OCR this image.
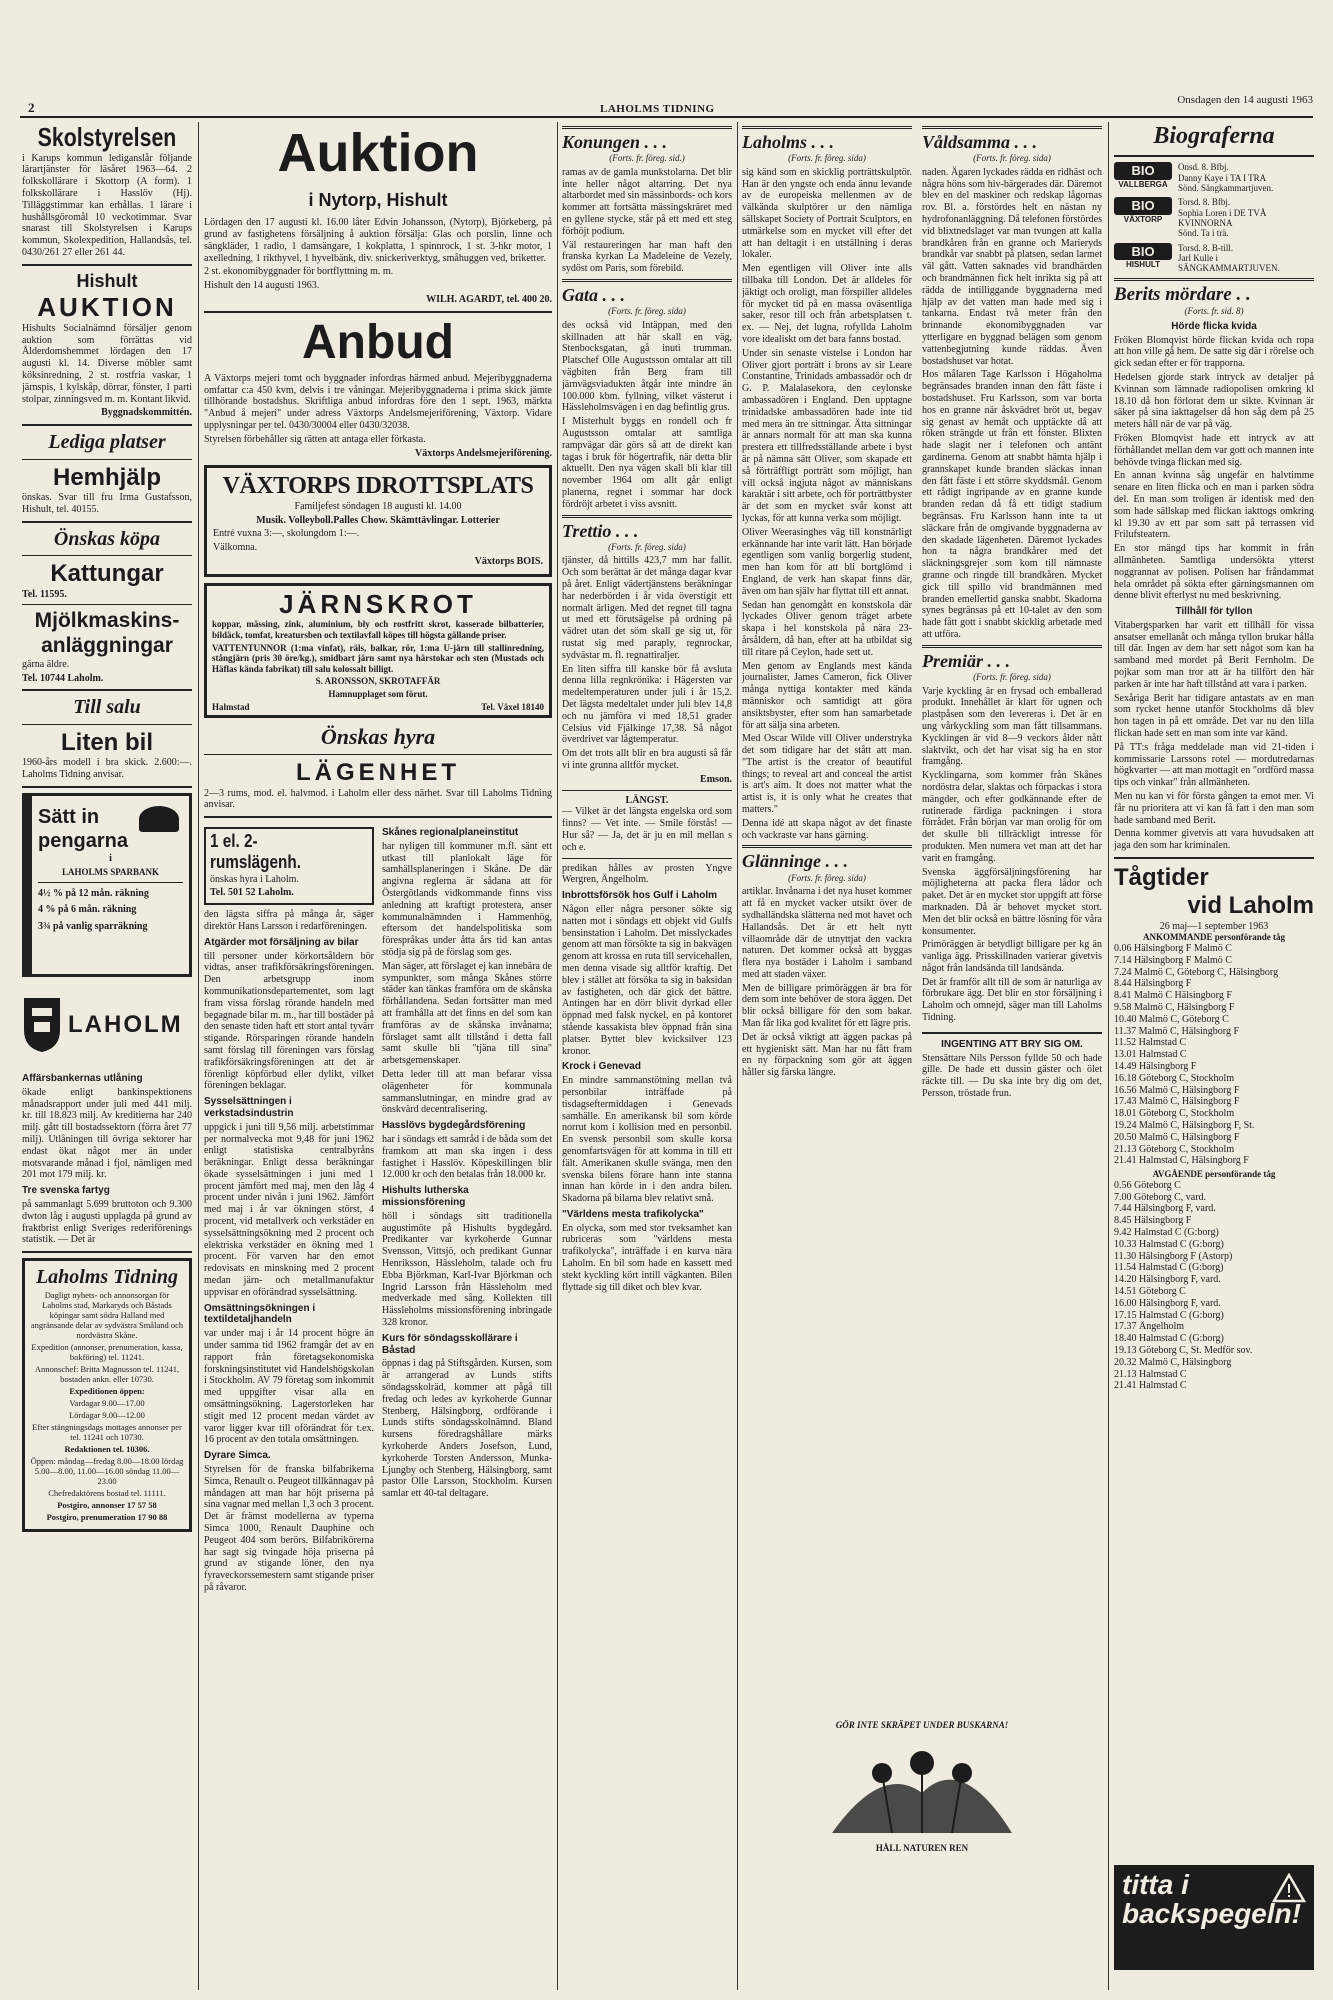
2	LAHOLMS TIDNING
Onsdagen den 14 augusti 1963
Skolstyrelsen

i Karups kommun lediganslår följande lärartjänster för läsåret 1963—64. 2 folkskollärare i Skottorp (A form). 1 folkskollärare i Hasslöv (Hj). Tilläggstimmar kan erhållas. 1 lärare i hushållsgöromål 10 veckotimmar. Svar snarast till Skolstyrelsen i Karups kommun, Skolexpedition, Hallandsås, tel. 0430/261 27 eller 261 44.

Hishult
AUKTION

Hishults Socialnämnd försäljer genom auktion som förrättas vid Ålderdomshemmet lördagen den 17 augusti kl. 14. Diverse möbler samt köksinredning, 2 st. rostfria vaskar, 1 järnspis, 1 kylskåp, dörrar, fönster, 1 parti stolpar, zinningsved m. m. Kontant likvid.

Byggnadskommittén.

Lediga platser
Hemhjälp

önskas. Svar till fru Irma Gustafsson, Hishult, tel. 40155.

Önskas köpa
Kattungar

Tel. 11595.

Mjölkmaskins-
anläggningar

gärna äldre.

Tel. 10744 Laholm.

Till salu
Liten bil

1960-års modell i bra skick. 2.600:—. Laholms Tidning anvisar.

Sätt in
pengarna
i
LAHOLMS SPARBANK
4½ % på 12 mån. räkning
4 % på 6 mån. räkning
3¾ på vanlig sparräkning
LAHOLM
Affärsbankernas utlåning

ökade enligt bankinspektionens månadsrapport under juli med 441 milj. kr. till 18.823 milj. Av kreditierna har 240 milj. gått till bostadssektorn (förra året 77 milj). Utlåningen till övriga sektorer har endast ökat något mer än under motsvarande månad i fjol, nämligen med 201 mot 179 milj. kr.

Tre svenska fartyg

på sammanlagt 5.699 bruttoton och 9.300 dwton låg i augusti upplagda på grund av fraktbrist enligt Sveriges rederiförenings statistik. — Det är

Laholms Tidning

Dagligt nyhets- och annonsorgan för Laholms stad, Markaryds och Båstads köpingar samt södra Halland med angränsande delar av sydvästra Småland och nordvästra Skåne.

Expedition (annonser, prenumeration, kassa, bokföring) tel. 11241.

Annonschef: Britta Magnusson tel. 11241, bostaden ankn. eller 10730.

Expeditionen öppen:

Vardagar 9.00—17.00

Lördagar 9.00—12.00

Efter stängningsdags mottages annonser per tel. 11241 och 10730.

Redaktionen tel. 10306.

Öppen: måndag—fredag 8.00—18.00 lördag 5.00—8.00, 11.00—16.00 söndag 11.00—23.00

Chefredaktörens bostad tel. 11111.

Postgiro, annonser 17 57 58

Postgiro, prenumeration 17 90 88

Auktion
i Nytorp, Hishult

Lördagen den 17 augusti kl. 16.00 låter Edvin Johansson, (Nytorp), Björkeberg, på grund av fastighetens försäljning å auktion försälja: Glas och porslin, linne och sängkläder, 1 radio, 1 damsängare, 1 kokplatta, 1 spinnrock, 1 st. 3-hkr motor, 1 axelledning, 1 rikthyvel, 1 hyvelbänk, div. snickeriverktyg, småhuggen ved, briketter.

2 st. ekonomibyggnader för bortflyttning m. m.

Hishult den 14 augusti 1963.

WILH. AGARDT, tel. 400 20.

Anbud

A Växtorps mejeri tomt och byggnader infordras härmed anbud. Mejeribyggnaderna omfattar c:a 450 kvm, delvis i tre våningar. Mejeribyggnaderna i prima skick jämte tillhörande bostadshus. Skriftliga anbud infordras före den 1 sept. 1963, märkta "Anbud å mejeri" under adress Växtorps Andelsmejeriförening, Växtorp. Vidare upplysningar per tel. 0430/30004 eller 0430/32038.

Styrelsen förbehåller sig rätten att antaga eller förkasta.

Växtorps Andelsmejeriförening.

VÄXTORPS IDROTTSPLATS

Familjefest söndagen 18 augusti kl. 14.00

Musik. Volleyboll.Palles Chow. Skämttävlingar. Lotterier

Entré vuxna 3:—, skolungdom 1:—.

Välkomna.

Växtorps BOIS.

JÄRNSKROT

koppar, mässing, zink, aluminium, bly och rostfritt skrot, kasserade bilbatterier, bildäck, tomfat, kreatursben och textilavfall köpes till högsta gällande priser.

VATTENTUNNOR (1:ma vinfat), räls, balkar, rör, 1:ma U-järn till stallinredning, stångjärn (pris 30 öre/kg.), smidbart järn samt nya härstokar och sten (Mustads och Häflas kända fabrikat) till salu kolossalt billigt.

S. ARONSSON, SKROTAFFÄR

Hamnupplaget som förut.

Halmstad	Tel. Växel 18140
Önskas hyra
LÄGENHET

2—3 rums, mod. el. halvmod. i Laholm eller dess närhet. Svar till Laholms Tidning anvisar.

1 el. 2-rumslägenh.

önskas hyra i Laholm.

Tel. 501 52 Laholm.

den lägsta siffra på många år, säger direktör Hans Larsson i redarföreningen.

Atgärder mot försäljning av bilar

till personer under körkortsåldern bör vidtas, anser trafikförsäkringsföreningen. Den arbetsgrupp inom kommunikationsdepartementet, som lagt fram vissa förslag rörande handeln med begagnade bilar m. m., har till bostäder på den senaste tiden haft ett stort antal tyvärr stigande. Rörsparingen rörande handeln samt förslag till föreningen vars förslag trafikförsäkringsföreningen att det är förenligt köpförbud eller dylikt, vilket föreningen beklagar.

Sysselsättningen i verkstadsindustrin

uppgick i juni till 9,56 milj. arbetstimmar per normalvecka mot 9,48 för juni 1962 enligt statistiska centralbyråns beräkningar. Enligt dessa beräkningar ökade sysselsättningen i juni med 1 procent jämfört med maj, men den låg 4 procent under nivån i juni 1962. Jämfört med maj i år var ökningen störst, 4 procent, vid metallverk och verkstäder en sysselsättningsökning med 2 procent och elektriska verkstäder en ökning med 1 procent. För varven har den emot redovisats en minskning med 2 procent medan järn- och metallmanufaktur uppvisar en oförändrad sysselsättning.

Omsättningsökningen i textildetaljhandeln

var under maj i år 14 procent högre än under samma tid 1962 framgår det av en rapport från företagsekonomiska forskningsinstitutet vid Handelshögskolan i Stockholm. AV 79 företag som inkommit med uppgifter visar alla en omsättningsökning. Lagerstorleken har stigit med 12 procent medan värdet av varor ligger kvar till oförändrat för t.ex. 16 procent av den totala omsättningen.

Dyrare Simca.

Styrelsen för de franska bilfabrikerna Simca, Renault o. Peugeot tillkännagav på måndagen att man har höjt priserna på sina vagnar med mellan 1,3 och 3 procent. Det är främst modellerna av typerna Simca 1000, Renault Dauphine och Peugeot 404 som berörs. Bilfabrikörerna har sagt sig tvingade höja priserna på grund av stigande löner, den nya fyraveckorssemestern samt stigande priser på råvaror.

Skånes regionalplaneinstitut

har nyligen till kommuner m.fl. sänt ett utkast till planlokalt läge för samhällsplaneringen i Skåne. De där angivna reglerna är sådana att för Östergötlands vidkommande finns viss anledning att kraftigt protestera, anser kommunalnämnden i Hammenhög, eftersom det handelspolitiska som förespråkas under åtta års tid kan antas stödja sig på de förslag som ges.

Man säger, att förslaget ej kan innebära de sympunkter, som många Skånes större städer kan tänkas framföra om de skånska förhållandena. Sedan fortsätter man med att framhålla att det finns en del som kan framföras av de skånska invånarna; förslaget samt allt tillstånd i detta fall samt skulle bli "tjäna till sina" arbetsgemenskaper.

Detta leder till att man befarar vissa olägenheter för kommunala sammanslutningar, en mindre grad av önskvärd decentralisering.

Hasslövs bygdegårdsförening

har i söndags ett samråd i de båda som det framkom att man ska ingen i dess fastighet i Hasslöv. Köpeskillingen blir 12.000 kr och den betalas från 18.000 kr.

Hishults lutherska missionsförening

höll i söndags sitt traditionella augustimöte på Hishults bygdegård. Predikanter var kyrkoherde Gunnar Svensson, Vittsjö, och predikant Gunnar Henriksson, Hässleholm, talade och fru Ebba Björkman, Karl-Ivar Björkman och Ingrid Larsson från Hässleholm med medverkade med sång. Kollekten till Hässleholms missionsförening inbringade 328 kronor.

Kurs för söndagsskollärare i Båstad

öppnas i dag på Stiftsgården. Kursen, som är arrangerad av Lunds stifts söndagsskolräd, kommer att pågå till fredag och ledes av kyrkoherde Gunnar Stenberg, Hälsingborg, ordförande i Lunds stifts söndagsskolnämnd. Bland kursens föredragshållare märks kyrkoherde Anders Josefson, Lund, kyrkoherde Torsten Andersson, Munka-Ljungby och Stenberg, Hälsingborg, samt pastor Olle Larsson, Stockholm. Kursen samlar ett 40-tal deltagare.

Konungen . . .
(Forts. fr. föreg. sid.)

ramas av de gamla munkstolarna. Det blir inte heller något altarring. Det nya altarbordet med sin mässinbords- och kors kommer att fortsätta mässingskräret med en gyllene stycke, står på ett med ett steg förhöjt podium.

Väl restaureringen har man haft den franska kyrkan La Madeleine de Vezely, sydöst om Paris, som förebild.

Gata . . .
(Forts. fr. föreg. sida)

des också vid Intäppan, med den skillnaden att här skall en väg, Stenbocksgatan, gå inuti trumman. Platschef Olle Augustsson omtalar att till vägbiten från Berg fram till järnvägsviadukten åtgår inte mindre än 100.000 kbm. fyllning, vilket västerut i Hässleholmsvägen i en dag befintlig grus.

I Misterhult byggs en rondell och fr Augustsson omtalar att samtliga rampvägar där görs så att de direkt kan tagas i bruk för högertrafik, när detta blir aktuellt. Den nya vägen skall bli klar till november 1964 om allt går enligt planerna, regnet i sommar har dock fördröjt arbetet i viss avsnitt.

Trettio . . .
(Forts. fr. föreg. sida)

tjänster, då hittills 423,7 mm har fallit. Och som berättat är det många dagar kvar på året. Enligt vädertjänstens beräkningar har nederbörden i år vida överstigit ett normalt ärligen. Med det regnet till tagna ut med ett förutsägelse på ordning på vädret utan det söm skall ge sig ut, för rustat sig med paraply, regnrockar, sydvästar m. fl. regnattiraljer.

En liten siffra till kanske bör få avsluta denna lilla regnkrönika: i Hägersten var medeltemperaturen under juli i år 15,2. Det lägsta medeltalet under juli blev 14,8 och nu jämföra vi med 18,51 grader Celsius vid Fjälkinge 17,38. Så något överdrivet var lågtemperatur.

Om det trots allt blir en bra augusti så får vi inte grunna alltför mycket.

Emson.

LÄNGST.

— Vilket är det längsta engelska ord som finns? — Vet inte. — Smile förstås! — Hur så? — Ja, det är ju en mil mellan s och e.

predikan hålles av prosten Yngve Wergren, Ängelholm.

Inbrottsförsök hos Gulf i Laholm

Någon eller några personer sökte sig natten mot i söndags ett objekt vid Gulfs bensinstation i Laholm. Det misslyckades genom att man försökte ta sig in bakvägen genom att krossa en ruta till servicehallen, men denna visade sig alltför kraftig. Det blev i stället att försöka ta sig in baksidan av fastigheten, och där gick det bättre. Antingen har en dörr blivit dyrkad eller öppnad med falsk nyckel, en på kontoret stående kassakista blev öppnad från sina platser. Byttet blev kvicksilver 123 kronor.

Krock i Genevad

En mindre sammanstötning mellan två personbilar inträffade på tisdagseftermiddagen i Genevads samhälle. En amerikansk bil som körde norrut kom i kollision med en personbil. En svensk personbil som skulle korsa genomfartsvägen för att komma in till ett fält. Amerikanen skulle svänga, men den svenska bilens förare hann inte stanna innan han körde in i den andra bilen. Skadorna på bilarna blev relativt små.

"Världens mesta trafikolycka"

En olycka, som med stor tveksamhet kan rubriceras som "världens mesta trafikolycka", inträffade i en kurva nära Laholm. En bil som hade en kassett med stekt kyckling kört intill vägkanten. Bilen flyttade sig till diket och blev kvar.

Laholms . . .
(Forts. fr. föreg. sida)

sig känd som en skicklig porträttskulptör. Han är den yngste och enda ännu levande av de europeiska mellenmen av de välkända skulptörer ur den nämliga sällskapet Society of Portrait Sculptors, en utmärkelse som en mycket vill efter det att han deltagit i en utställning i deras lokaler.

Men egentligen vill Oliver inte alls tillbaka till London. Det är alldeles för jäktigt och oroligt, man förspiller alldeles för mycket tid på en massa oväsentliga saker, resor till och från arbetsplatsen t. ex. — Nej, det lugna, rofyllda Laholm vore idealiskt om det bara fanns bostad.

Under sin senaste vistelse i London har Oliver gjort porträtt i brons av sir Leare Constantine, Trinidads ambassadör och dr G. P. Malalasekora, den ceylonske ambassadören i England. Den upptagne trinidadske ambassadören hade inte tid med mera än tre sittningar. Ätta sittningar är annars normalt för att man ska kunna prestera ett tillfredsställande arbete i byst är på nämna sätt Oliver, som skapade ett så förträffligt porträtt som möjligt, han vill också ingjuta något av människans karaktär i sitt arbete, och för porträttbyster är det som en mycket svår konst att lyckas, för att kunna verka som möjligt.

Oliver Weerasinghes väg till konstnärligt erkännande har inte varit lätt. Han började egentligen som vanlig borgerlig student, men han kom för att bli bortglömd i England, de verk han skapat finns där, även om han själv har flyttat till ett annat.

Sedan han genomgått en konstskola där lyckades Oliver genom träget arbete skapa i hel konstskola på nära 23-årsåldern, då han, efter att ha utbildat sig till ritare på Ceylon, hade sett ut.

Men genom av Englands mest kända journalister, James Cameron, fick Oliver många nyttiga kontakter med kända människor och samtidigt att göra ansiktsbyster, efter som han samarbetade för att sälja sina arbeten.

Med Oscar Wilde vill Oliver understryka det som tidigare har det stått att man. "The artist is the creator of beautiful things; to reveal art and conceal the artist is art's aim. It does not matter what the artist is, it is only what he creates that matters."

Denna idé att skapa något av det finaste och vackraste var hans gärning.

Glänninge . . .
(Forts. fr. föreg. sida)

artiklar. Invånarna i det nya huset kommer att få en mycket vacker utsikt över de sydhalländska slätterna ned mot havet och Hallandsås. Det är ett helt nytt villaområde där de utnyttjat den vackra naturen. Det kommer också att byggas flera nya bostäder i Laholm i samband med att staden växer.

Men de billigare primöräggen är bra för dem som inte behöver de stora äggen. Det blir också billigare för den som bakar. Man får lika god kvalitet för ett lägre pris.

Det är också viktigt att äggen packas på ett hygieniskt sätt. Man har nu fått fram en ny förpackning som gör att äggen håller sig färska längre.

Våldsamma . . .
(Forts. fr. föreg. sida)

naden. Ägaren lyckades rädda en ridhäst och några höns som hiv-bärgerades där. Däremot blev en del maskiner och redskap lågornas rov. Bl. a. förstördes helt en nästan ny hydrofonanläggning. Då telefonen förstördes vid blixtnedslaget var man tvungen att kalla brandkåren från en granne och Marieryds brandkår var snabbt på platsen, sedan larmet väl gått. Vatten saknades vid brandhärden och brandmännen fick helt inrikta sig på att rädda de intilliggande byggnaderna med hjälp av det vatten man hade med sig i tankarna. Endast två meter från den brinnande ekonomibyggnaden var ytterligare en byggnad belägen som genom vattenbegjutning kunde räddas. Även bostadshuset var hotat.

Hos målaren Tage Karlsson i Högaholma begränsades branden innan den fått fäste i bostadshuset. Fru Karlsson, som var borta hos en granne när åskvädret bröt ut, begav sig genast av hemåt och upptäckte då att röken strängde ut från ett fönster. Blixten hade slagit ner i telefonen och antänt gardinerna. Genom att snabbt hämta hjälp i grannskapet kunde branden släckas innan den fått fäste i ett större skyddsmål. Genom ett rådigt ingripande av en granne kunde branden redan då få ett tidigt stadium begränsas. Fru Karlsson hann inte ta ut släckare från de omgivande byggnaderna av den skadade lägenheten. Däremot lyckades hon ta några brandkårer med det släckningsgrejer som kom till nämnaste granne och ringde till brandkåren. Mycket gick till spillo vid brandmännen med branden emellertid ganska snabbt. Skadorna synes begränsas på ett 10-talet av den som hade fått gott i snabbt skicklig arbetade med att utföra.

Premiär . . .
(Forts. fr. föreg. sida)

Varje kyckling är en frysad och emballerad produkt. Innehållet är klart för ugnen och plastpåsen som den levereras i. Det är en ung vårkyckling som man fått tillsammans. Kycklingen är vid 8—9 veckors ålder nått slaktvikt, och det har visat sig ha en stor framgång.

Kycklingarna, som kommer från Skånes nordöstra delar, slaktas och förpackas i stora mängder, och efter godkännande efter de rutinerade färdiga packningen i stora förrådet. Från början var man orolig för om det skulle bli tillräckligt intresse för produkten. Men numera vet man att det har varit en framgång.

Svenska äggförsäljningsförening har möjligheterna att packa flera lådor och paket. Det är en mycket stor uppgift att förse marknaden. Då är behovet mycket stort. Men det blir också en bättre lösning för våra konsumenter.

Primöräggen är betydligt billigare per kg än vanliga ägg. Prisskillnaden varierar givetvis något från landsända till landsända.

Det är framför allt till de som är naturliga av förbrukare ägg. Det blir en stor försäljning i Laholm och omnejd, säger man till Laholms Tidning.

INGENTING ATT BRY SIG OM.

Stensättare Nils Persson fyllde 50 och hade gille. De hade ett dussin gäster och ölet räckte till. — Du ska inte bry dig om det, Persson, tröstade frun.

Biograferna
BIO
VALLBERGA
Onsd. 8. Bfbj.
Danny Kaye i TA I TRA
Sönd. Sängkammartjuven.
BIO
VÄXTORP
Torsd. 8. Bfbj.
Sophia Loren i DE TVÅ KVINNORNA
Sönd. Ta i trä.
BIO
HISHULT
Torsd. 8. B-till.
Jarl Kulle i SÄNGKAMMARTJUVEN.
Berits mördare . .
(Forts. fr. sid. 8)
Hörde flicka kvida

Fröken Blomqvist hörde flickan kvida och ropa att hon ville gå hem. De satte sig där i rörelse och gick sedan efter er för trapporna.

Hedelsen gjorde stark intryck av detaljer på Kvinnan som lämnade radiopolisen omkring kl 18.10 då hon förlorat dem ur sikte. Kvinnan är säker på sina iakttagelser då hon såg dem på 25 meters håll när de var på väg.

Fröken Blomqvist hade ett intryck av att förhållandet mellan dem var gott och mannen inte behövde tvinga flickan med sig.

En annan kvinna såg ungefär en halvtimme senare en liten flicka och en man i parken södra del. En man som troligen är identisk med den som hade sällskap med flickan iakttogs omkring kl 19.30 av ett par som satt på terrassen vid Frilufsteatern.

En stor mängd tips har kommit in från allmänheten. Samtliga undersökta ytterst noggrannat av polisen. Polisen har fråndammat hela området på sökta efter gärningsmannen om denne blivit efterlyst nu med beskrivning.

Tillhåll för tyllon

Vitabergsparken har varit ett tillhåll för vissa ansatser emellanåt och många tyllon brukar hålla till där. Ingen av dem har sett något som kan ha samband med mordet på Berit Fernholm. De pojkar som man tror att är ha tillfört den här parken är inte har haft tillstånd att vara i parken.

Sexåriga Berit har tidigare antastats av en man som rycket henne utanför Stockholms då blev hon tagen in på ett område. Det var nu den lilla flickan hade sett en man som inte var känd.

På TT:s fråga meddelade man vid 21-tiden i kommissarie Larssons rotel — mordutredarnas högkvarter — att man mottagit en "ordförd massa tips och vinkar" från allmänheten.

Men nu kan vi för första gången ta emot mer. Vi får nu prioritera att vi kan få fatt i den man som hade samband med Berit.

Denna kommer givetvis att vara huvudsaken att jaga den som har kriminalen.

Tågtider
vid Laholm
26 maj—1 september 1963
ANKOMMANDE personförande tåg
0.06 Hälsingborg F Malmö C
7.14 Hälsingborg F Malmö C
7.24 Malmö C, Göteborg C, Hälsingborg
8.44 Hälsingborg F
8.41 Malmö C Hälsingborg F
9.58 Malmö C, Hälsingborg F
10.40 Malmö C, Göteborg C
11.37 Malmö C, Hälsingborg F
11.52 Halmstad C
13.01 Halmstad C
14.49 Hälsingborg F
16.18 Göteborg C, Stockholm
16.56 Malmö C, Hälsingborg F
17.43 Malmö C, Hälsingborg F
18.01 Göteborg C, Stockholm
19.24 Malmö C, Hälsingborg F, St.
20.50 Malmö C, Hälsingborg F
21.13 Göteborg C, Stockholm
21.41 Halmstad C, Hälsingborg F
AVGÅENDE personförande tåg
0.56 Göteborg C
7.00 Göteborg C, vard.
7.44 Hälsingborg F, vard.
8.45 Hälsingborg F
9.42 Halmstad C (G:borg)
10.33 Halmstad C (G:borg)
11.30 Hälsingborg F (Astorp)
11.54 Halmstad C (G:borg)
14.20 Hälsingborg F, vard.
14.51 Göteborg C
16.00 Hälsingborg F, vard.
17.15 Halmstad C (G:borg)
17.37 Ängelholm
18.40 Halmstad C (G:borg)
19.13 Göteborg C, St. Medför sov.
20.32 Malmö C, Hälsingborg
21.13 Halmstad C
21.41 Halmstad C
titta i
backspegeln!
GÖR INTE SKRÄPET UNDER BUSKARNA!
HÅLL NATUREN REN
